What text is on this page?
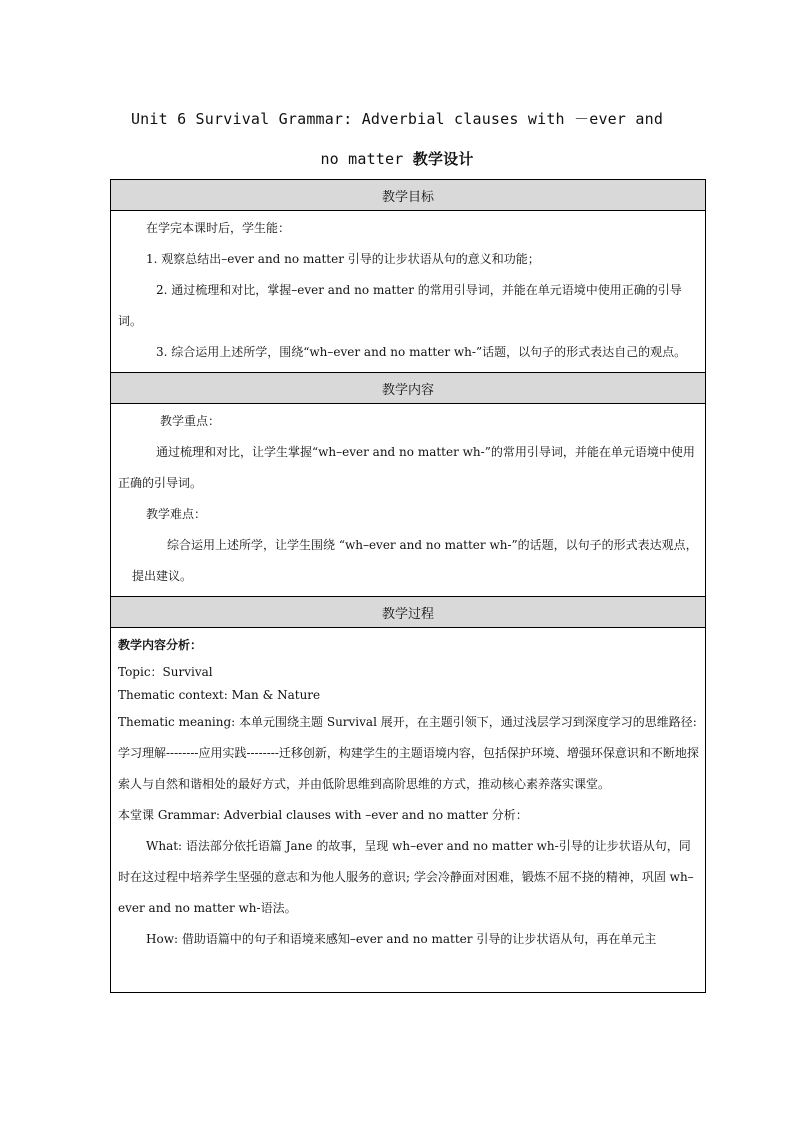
Unit 6 Survival Grammar: Adverbial clauses with －ever and
no matter 教学设计
教学目标

在学完本课时后，学生能：

1. 观察总结出–ever and no matter 引导的让步状语从句的意义和功能；

2. 通过梳理和对比，掌握–ever and no matter 的常用引导词，并能在单元语境中使用正确的引导词。

3. 综合运用上述所学，围绕“wh–ever and no matter wh-”话题，以句子的形式表达自己的观点。

教学内容

教学重点：

通过梳理和对比，让学生掌握“wh–ever and no matter wh-”的常用引导词，并能在单元语境中使用正确的引导词。

教学难点：

综合运用上述所学，让学生围绕 “wh–ever and no matter wh-”的话题，以句子的形式表达观点，提出建议。

教学过程

教学内容分析：

Topic：Survival

Thematic context: Man & Nature

Thematic meaning: 本单元围绕主题 Survival 展开，在主题引领下，通过浅层学习到深度学习的思维路径: 学习理解--------应用实践--------迁移创新，构建学生的主题语境内容，包括保护环境、增强环保意识和不断地探索人与自然和谐相处的最好方式，并由低阶思维到高阶思维的方式，推动核心素养落实课堂。

本堂课 Grammar: Adverbial clauses with –ever and no matter 分析：

What: 语法部分依托语篇 Jane 的故事，呈现 wh–ever and no matter wh-引导的让步状语从句，同时在这过程中培养学生坚强的意志和为他人服务的意识; 学会冷静面对困难，锻炼不屈不挠的精神，巩固 wh–ever and no matter wh-语法。

How: 借助语篇中的句子和语境来感知–ever and no matter 引导的让步状语从句，再在单元主
